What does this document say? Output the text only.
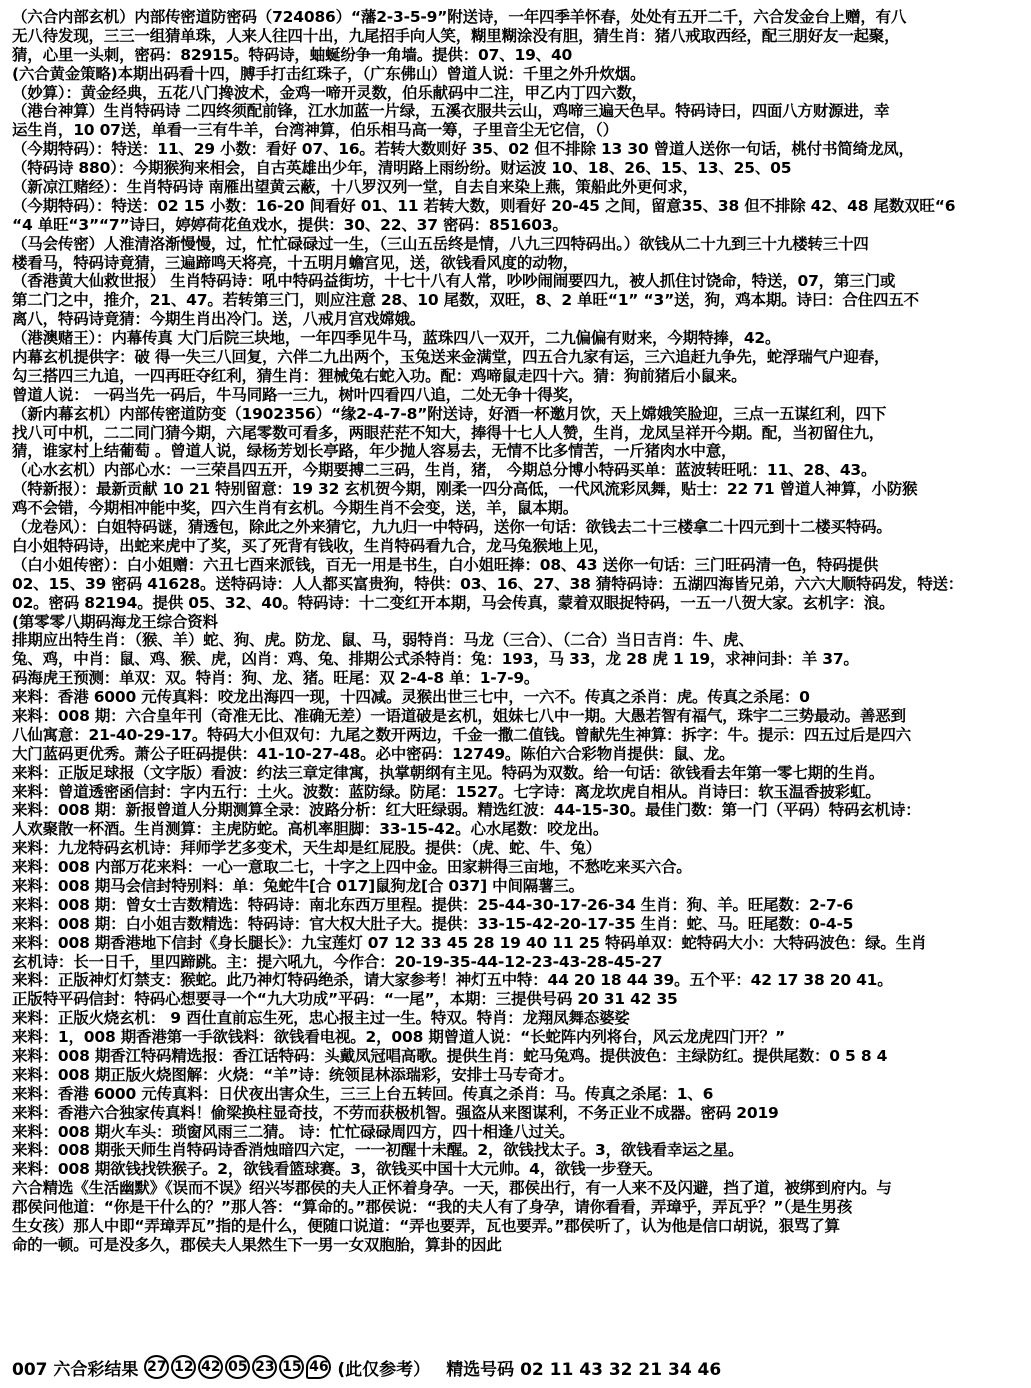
（六合内部玄机）内部传密道防密码（724086）“藩2-3-5-9”附送诗，一年四季羊怀春，处处有五开二千，六合发金台上赠，有八
无八待发现，三三一组猜单珠，人来人往四十出，九尾招手向人笑，糊里糊涂没有胆，猜生肖：猪八戒取西经，配三朋好友一起聚，
猜，心里一头刺，密码：82915。特码诗，蚰蜒纷争一角墙。提供：07、19、40
(六合黄金策略)本期出码看十四，膊手打击红珠子，（广东佛山）曾道人说：千里之外升炊烟。
（妙算）：黄金经典，五花八门搀波术，金鸡一啼开灵数，伯乐献码中二注，甲乙内丁四六数，
（港台神算）生肖特码诗 二四终须配前锋，江水加蓝一片绿，五溪衣服共云山，鸡啼三遍天色早。特码诗曰，四面八方财源进，幸
运生肖，10 07送，单看一三有牛羊，台湾神算，伯乐相马高一筹，子里音尘无它信，（）
（今期特码）：特送：11、29 小数：看好 07、16。若转大数则好 35、02 但不排除 13 30 曾道人送你一句话，桃付书简绮龙凤，
（特码诗 880）：今期猴狗来相会，自古英雄出少年，清明路上雨纷纷。财运波 10、18、26、15、13、25、05
（新凉江赌经）：生肖特码诗 南雁出望黄云蔽，十八罗汉列一堂，自去自来染上燕，策船此外更何求，
（今期特码）：特送：02 15 小数：16-20 间看好 01、11 若转大数，则看好 20-45 之间，留意35、38 但不排除 42、48 尾数双旺“6
“4 单旺“3”“7”诗曰，婷婷荷花鱼戏水，提供：30、22、37 密码：851603。
（马会传密）人淮清洛渐慢慢，过，忙忙碌碌过一生，（三山五岳终是情，八九三四特码出。）欲钱从二十九到三十九楼转三十四
楼看马，特码诗竟猜，三遍蹄鸣天将亮，十五明月蟾宫见，送，欲钱看风度的动物，
（香港黄大仙救世报） 生肖特码诗：吼中特码益街坊，十七十八有人常，吵吵闹闹要四九，被人抓住讨饶命，特送，07，第三门或
第二门之中，推介，21、47。若转第三门，则应注意 28、10 尾数，双旺，8、2 单旺“1” “3”送，狗，鸡本期。诗曰：合住四五不
离八，特码诗竟猜：今期生肖出冷门。送，八戒月宫戏嫦娥。
（港澳赌王）：内幕传真 大门后院三块地，一年四季见牛马，蓝珠四八一双开，二九偏偏有财来，今期特捧，42。
内幕玄机提供字：破 得一失三八回复，六伴二九出两个，玉兔送来金满堂，四五合九家有运，三六追赶九争先，蛇浮瑞气户迎春，
勾三搭四三九追，一四再旺夺红利，猜生肖：狸械兔右蛇入功。配：鸡啼鼠走四十六。猜：狗前猪后小鼠来。
曾道人说： 一码当先一码后，牛马同路一三九，树叶四看四八追，二处无争十得奖，
（新内幕玄机）内部传密道防变（1902356）“缘2-4-7-8”附送诗，好酒一杯邀月饮，天上嫦娥笑脸迎，三点一五谋红利，四下
找八可中机，二二同门猜今期，六尾零数可看多，两眼茫茫不知大，捧得十七人人赞，生肖，龙凤呈祥开今期。配，当初留住九，
猜，谁家村上结葡萄 。曾道人说，绿杨芳划长亭路，年少抛人容易去，无情不比多情苦，一斤猪肉水中意，
（心水玄机）内部心水：一三荣昌四五开，今期要搏二三码，生肖，猪， 今期总分博小特码买单：蓝波转旺吼：11、28、43。
（特新报）：最新贡献 10 21 特别留意：19 32 玄机贺今期，刚柔一四分高低，一代风流彩凤舞，贴士：22 71 曾道人神算，小防猴
鸡不会错，今期相冲能中奖，四六生肖有玄机。今期生肖不会变，送，羊，鼠本期。
（龙卷风）：白姐特码谜，猜透包，除此之外来猜它，九九归一中特码，送你一句话：欲钱去二十三楼拿二十四元到十二楼买特码。
白小姐特码诗，出蛇来虎中了奖，买了死背有钱收，生肖特码看九合，龙马兔猴地上见，
（白小姐传密）：白小姐赠：六丑七酉来派钱，百无一用是书生，白小姐旺捧：08、43 送你一句话：三门旺码清一色，特码提供
02、15、39 密码 41628。送特码诗：人人都买富贵狗，特供：03、16、27、38 猜特码诗：五湖四海皆兄弟，六六大顺特码发，特送：
02。密码 82194。提供 05、32、40。特码诗：十二变红开本期，马会传真，蒙着双眼捉特码，一五一八贺大家。玄机字：浪。
(第零零八期码海龙王综合资料
排期应出特生肖：（猴、羊）蛇、狗、虎。防龙、鼠、马，弱特肖：马龙（三合）、（二合）当日吉肖：牛、虎、
兔、鸡，中肖：鼠、鸡、猴、虎，凶肖：鸡、兔、排期公式杀特肖：兔：193，马 33，龙 28 虎 1 19，求神问卦：羊 37。
码海虎王预测：单双：双。特肖：狗、龙、猪。旺尾：双 2-4-8 单：1-7-9。
来料：香港 6000 元传真料：咬龙出海四一现，十四减。灵猴出世三七中，一六不。传真之杀肖：虎。传真之杀尾：0
来料：008 期：六合皇年刊（奇准无比、准确无差）一语道破是玄机，姐妹七八中一期。大愚若智有福气，珠宇二三势最动。善恶到
八仙寓意：21-40-29-17。特码大小但双句：九尾之数开两边，千金一撒二值钱。曾献先生神算：拆字：牛。提示：四五过后是四六
大门蓝码更优秀。萧公子旺码提供：41-10-27-48。必中密码：12749。陈伯六合彩物肖提供：鼠、龙。
来料：正版足球报（文字版）看波：约法三章定律寓，执掌朝纲有主见。特码为双数。给一句话：欲钱看去年第一零七期的生肖。
来料：曾道透密函信封：字内五行：土火。波数：蓝防绿。防尾：1527。七字诗：离龙坎虎自相从。肖诗曰：软玉温香披彩虹。
来料：008 期：新报曾道人分期测算全录：波路分析：红大旺绿弱。精选红波：44-15-30。最佳门数：第一门（平码）特码玄机诗：
人欢聚散一杯酒。生肖测算：主虎防蛇。高机率胆脚：33-15-42。心水尾数：咬龙出。
来料：九龙特码玄机诗：拜师学艺多变术，天生却是红屁股。提供：（虎、蛇、牛、兔）
来料：008 内部万花来料：一心一意取二七，十字之上四中金。田家耕得三亩地，不愁吃来买六合。
来料：008 期马会信封特别料：单：兔蛇牛[合 017]鼠狗龙[合 037] 中间隔薯三。
来料：008 期：曾女士吉数精选：特码诗：南北东西万里程。提供：25-44-30-17-26-34 生肖：狗、羊。旺尾数：2-7-6
来料：008 期：白小姐吉数精选：特码诗：官大权大肚子大。提供：33-15-42-20-17-35 生肖：蛇、马。旺尾数：0-4-5
来料：008 期香港地下信封《身长腿长》：九宝莲灯 07 12 33 45 28 19 40 11 25 特码单双：蛇特码大小：大特码波色：绿。生肖
玄机诗：长一日千，里四蹄跳。主：提六吼九，今作合：20-19-35-44-12-23-43-28-45-27
来料：正版神灯灯禁支：猴蛇。此乃神灯特码绝杀，请大家参考！神灯五中特：44 20 18 44 39。五个平：42 17 38 20 41。
正版特平码信封：特码心想要寻一个“九大功成”平码：“一尾”，本期：三提供号码 20 31 42 35
来料：正版火烧玄机： 9 酉仕直前忘生死，忠心报主过一生。特双。特肖：龙翔凤舞态婆娑
来料：1，008 期香港第一手欲钱料：欲钱看电视。2，008 期曾道人说：“长蛇阵内列将台，风云龙虎四门开？”
来料：008 期香江特码精选报：香江话特码：头戴凤冠唱高歌。提供生肖：蛇马兔鸡。提供波色：主绿防红。提供尾数：0 5 8 4
来料：008 期正版火烧图解：火烧：“羊”诗：统领昆林添瑞彩，安排士马专奇才。
来料：香港 6000 元传真料：日伏夜出害众生，三三上台五转回。传真之杀肖：马。传真之杀尾：1、6
来料：香港六合独家传真料！偷梁换柱显奇技，不劳而获极机智。强盗从来图谋利，不务正业不成器。密码 2019
来料：008 期火车头：琐窗风雨三二猜。 诗：忙忙碌碌周四方，四十相逢八过关。
来料：008 期张天师生肖特码诗香消烛暗四六定，一一初醒十未醒。2，欲钱找太子。3，欲钱看幸运之星。
来料：008 期欲钱找铁猴子。2，欲钱看篮球赛。3，欲钱买中国十大元帅。4，欲钱一步登天。
六合精选《生活幽默》《误而不误》绍兴岑郡侯的夫人正怀着身孕。一天，郡侯出行，有一人来不及闪避，挡了道，被绑到府内。与
郡侯问他道：“你是干什么的？”那人答：“算命的。”郡侯说：“我的夫人有了身孕，请你看看，弄璋乎，弄瓦乎？”（是生男孩
生女孩）那人中即“弄璋弄瓦”指的是什么，便随口说道：“弄也要弄，瓦也要弄。”郡侯听了，认为他是信口胡说，狠骂了算
命的一顿。可是没多久，郡侯夫人果然生下一男一女双胞胎，算卦的因此
007 六合彩结果 27 12 42 05 23 15 46 (此仅参考） 精选号码 02 11 43 32 21 34 46
